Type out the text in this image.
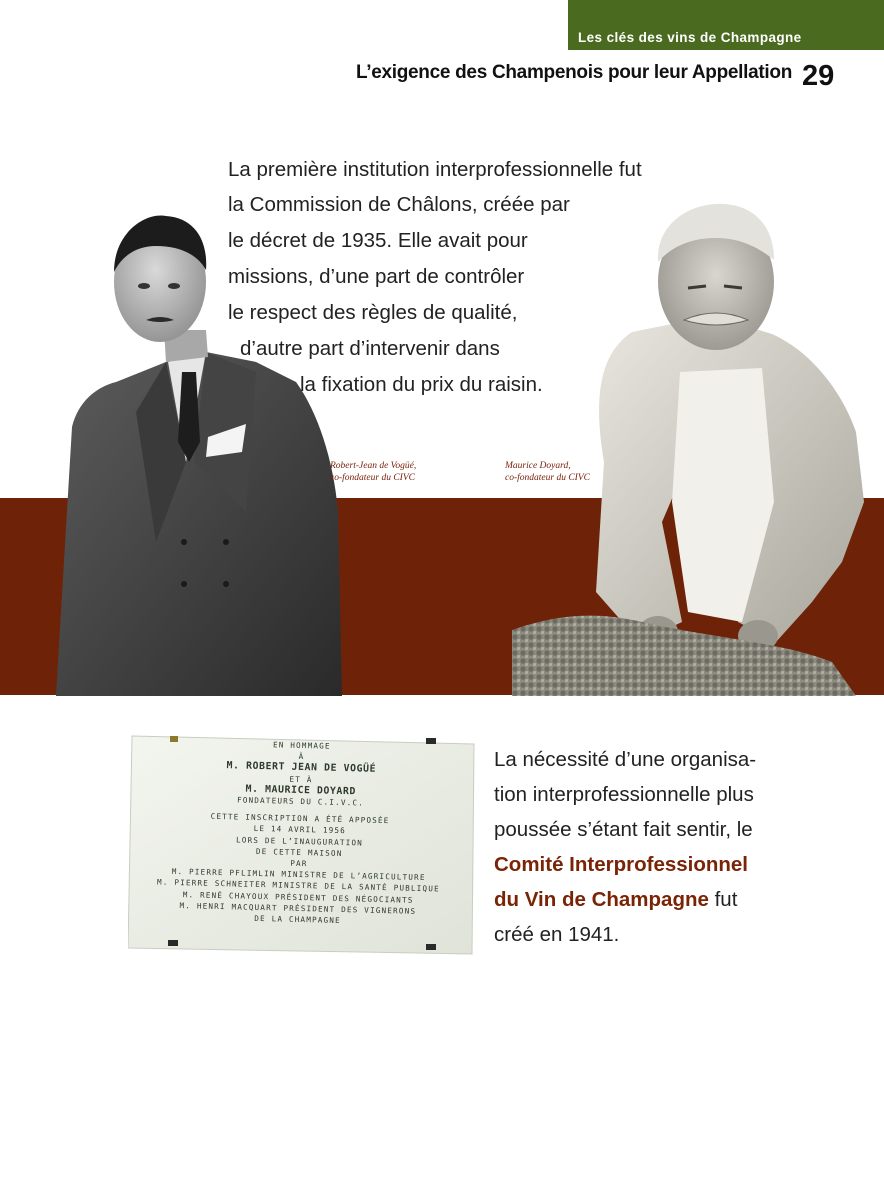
Les clés des vins de Champagne
L’exigence des Champenois pour leur Appellation 29
La première institution interprofessionnelle fut
la Commission de Châlons, créée par
le décret de 1935. Elle avait pour
missions, d’une part de contrôler
le respect des règles de qualité,
d’autre part d’intervenir dans
la fixation du prix du raisin.
Robert-Jean de Vogüé,
co-fondateur du CIVC
Maurice Doyard,
co-fondateur du CIVC
EN HOMMAGE
À
M. ROBERT JEAN DE VOGÜÉ
ET À
M. MAURICE DOYARD
FONDATEURS DU C.I.V.C.
CETTE INSCRIPTION A ÉTÉ APPOSÉE
LE 14 AVRIL 1956
LORS DE L’INAUGURATION
DE CETTE MAISON
PAR
M. PIERRE PFLIMLIN MINISTRE DE L’AGRICULTURE
M. PIERRE SCHNEITER MINISTRE DE LA SANTÉ PUBLIQUE
M. RENÉ CHAYOUX PRÉSIDENT DES NÉGOCIANTS
M. HENRI MACQUART PRÉSIDENT DES VIGNERONS
DE LA CHAMPAGNE
La nécessité d’une organisa-
tion interprofessionnelle plus
poussée s’étant fait sentir, le
Comité Interprofessionnel
du Vin de Champagne fut
créé en 1941.
